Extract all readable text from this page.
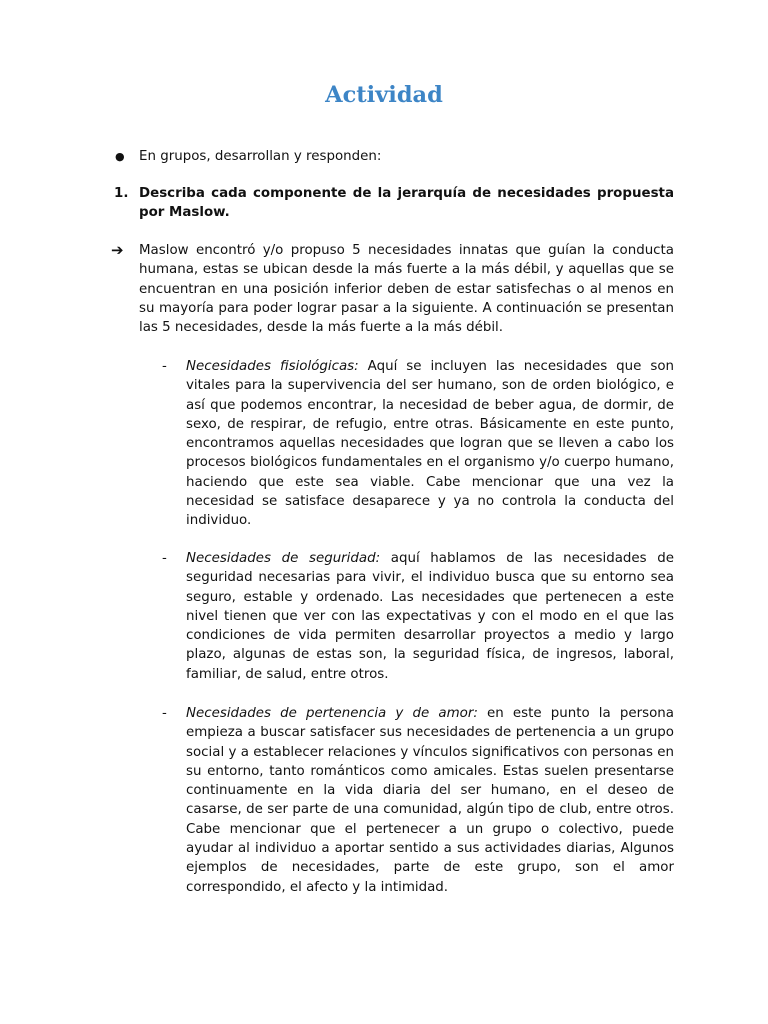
Actividad
● En grupos, desarrollan y responden:
1. Describa cada componente de la jerarquía de necesidades propuesta por Maslow.
➔ Maslow encontró y/o propuso 5 necesidades innatas que guían la conducta humana, estas se ubican desde la más fuerte a la más débil, y aquellas que se encuentran en una posición inferior deben de estar satisfechas o al menos en su mayoría para poder lograr pasar a la siguiente. A continuación se presentan las 5 necesidades, desde la más fuerte a la más débil.
- Necesidades fisiológicas: Aquí se incluyen las necesidades que son vitales para la supervivencia del ser humano, son de orden biológico, e así que podemos encontrar, la necesidad de beber agua, de dormir, de sexo, de respirar, de refugio, entre otras. Básicamente en este punto, encontramos aquellas necesidades que logran que se lleven a cabo los procesos biológicos fundamentales en el organismo y/o cuerpo humano, haciendo que este sea viable. Cabe mencionar que una vez la necesidad se satisface desaparece y ya no controla la conducta del individuo.
- Necesidades de seguridad: aquí hablamos de las necesidades de seguridad necesarias para vivir, el individuo busca que su entorno sea seguro, estable y ordenado. Las necesidades que pertenecen a este nivel tienen que ver con las expectativas y con el modo en el que las condiciones de vida permiten desarrollar proyectos a medio y largo plazo, algunas de estas son, la seguridad física, de ingresos, laboral, familiar, de salud, entre otros.
- Necesidades de pertenencia y de amor: en este punto la persona empieza a buscar satisfacer sus necesidades de pertenencia a un grupo social y a establecer relaciones y vínculos significativos con personas en su entorno, tanto románticos como amicales. Estas suelen presentarse continuamente en la vida diaria del ser humano, en el deseo de casarse, de ser parte de una comunidad, algún tipo de club, entre otros. Cabe mencionar que el pertenecer a un grupo o colectivo, puede ayudar al individuo a aportar sentido a sus actividades diarias, Algunos ejemplos de necesidades, parte de este grupo, son el amor correspondido, el afecto y la intimidad.
